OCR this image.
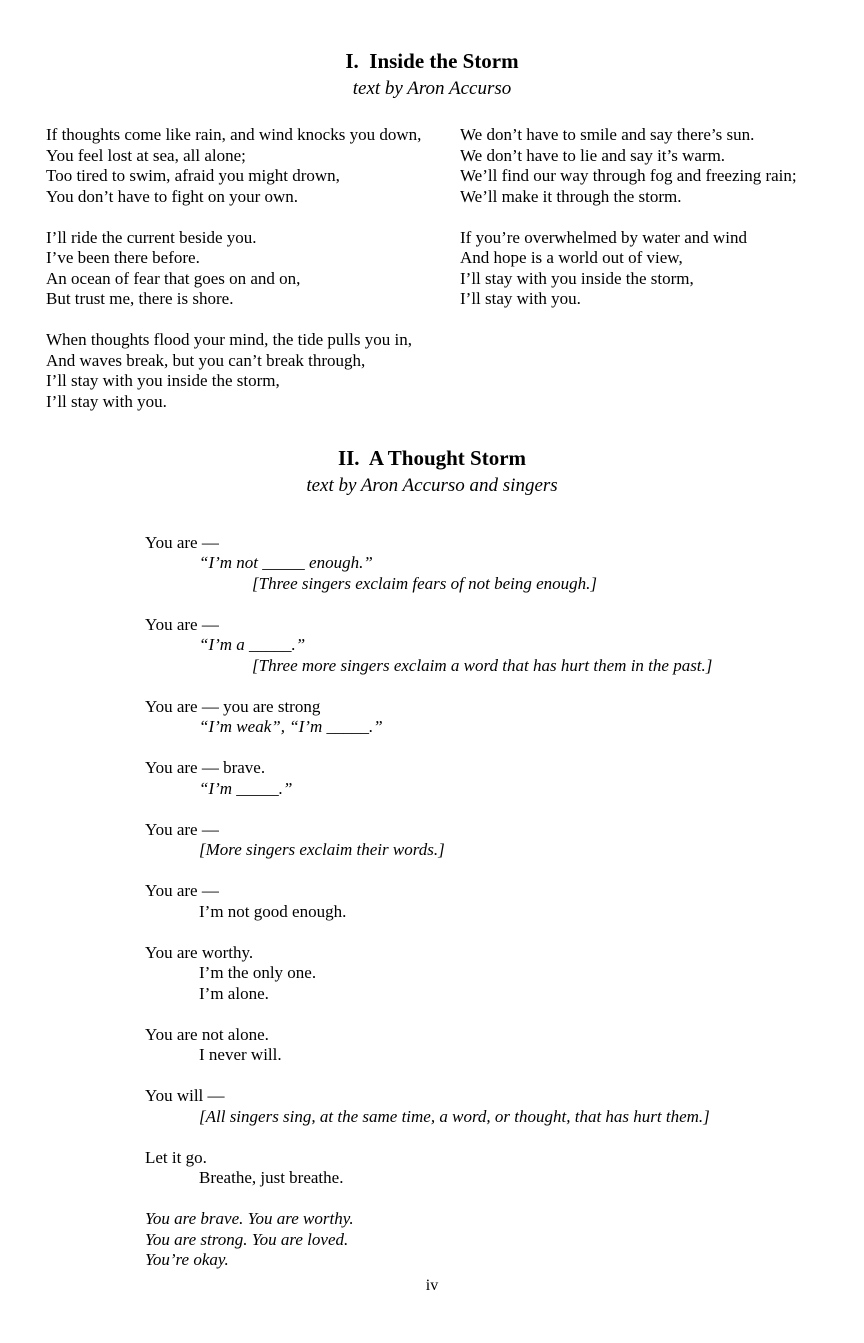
I.  Inside the Storm
text by Aron Accurso
If thoughts come like rain, and wind knocks you down,
You feel lost at sea, all alone;
Too tired to swim, afraid you might drown,
You don’t have to fight on your own.
I’ll ride the current beside you.
I’ve been there before.
An ocean of fear that goes on and on,
But trust me, there is shore.
When thoughts flood your mind, the tide pulls you in,
And waves break, but you can’t break through,
I’ll stay with you inside the storm,
I’ll stay with you.
We don’t have to smile and say there’s sun.
We don’t have to lie and say it’s warm.
We’ll find our way through fog and freezing rain;
We’ll make it through the storm.
If you’re overwhelmed by water and wind
And hope is a world out of view,
I’ll stay with you inside the storm,
I’ll stay with you.
II.  A Thought Storm
text by Aron Accurso and singers
You are —
“I’m not _____ enough.”
[Three singers exclaim fears of not being enough.]
You are —
“I’m a _____.”
[Three more singers exclaim a word that has hurt them in the past.]
You are — you are strong
“I’m weak”, “I’m _____.”
You are — brave.
“I’m _____.”
You are —
[More singers exclaim their words.]
You are —
I’m not good enough.
You are worthy.
I’m the only one.
I’m alone.
You are not alone.
I never will.
You will —
[All singers sing, at the same time, a word, or thought, that has hurt them.]
Let it go.
Breathe, just breathe.
You are brave. You are worthy.
You are strong. You are loved.
You’re okay.
iv
